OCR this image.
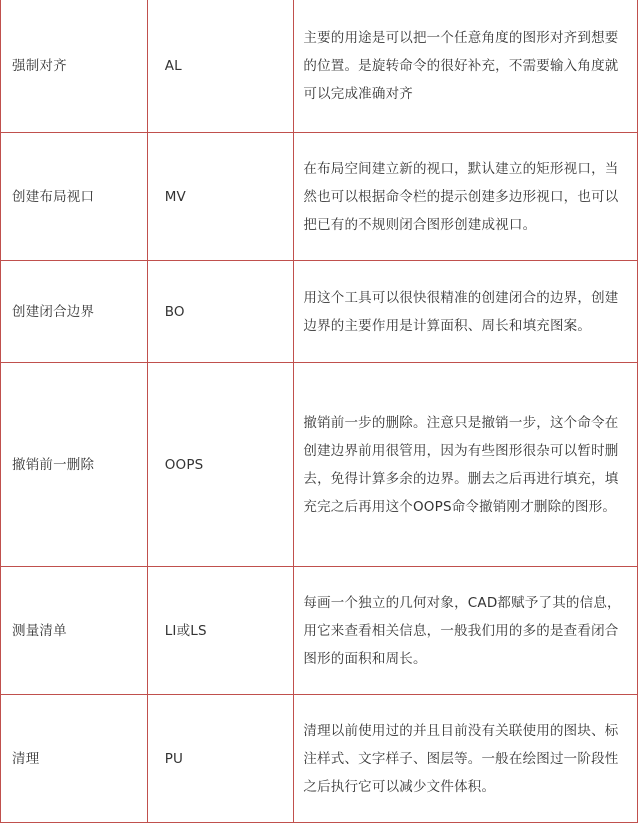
强制对齐	AL	主要的用途是可以把一个任意角度的图形对齐到想要的位置。是旋转命令的很好补充，不需要输入角度就可以完成准确对齐
创建布局视口	MV	在布局空间建立新的视口，默认建立的矩形视口，当然也可以根据命令栏的提示创建多边形视口，也可以把已有的不规则闭合图形创建成视口。
创建闭合边界	BO	用这个工具可以很快很精准的创建闭合的边界，创建边界的主要作用是计算面积、周长和填充图案。
撤销前一删除	OOPS	撤销前一步的删除。注意只是撤销一步，这个命令在创建边界前用很管用，因为有些图形很杂可以暂时删去，免得计算多余的边界。删去之后再进行填充，填充完之后再用这个OOPS命令撤销刚才删除的图形。
测量清单	LI或LS	每画一个独立的几何对象，CAD都赋予了其的信息，用它来查看相关信息，一般我们用的多的是查看闭合图形的面积和周长。
清理	PU	清理以前使用过的并且目前没有关联使用的图块、标注样式、文字样子、图层等。一般在绘图过一阶段性之后执行它可以减少文件体积。
